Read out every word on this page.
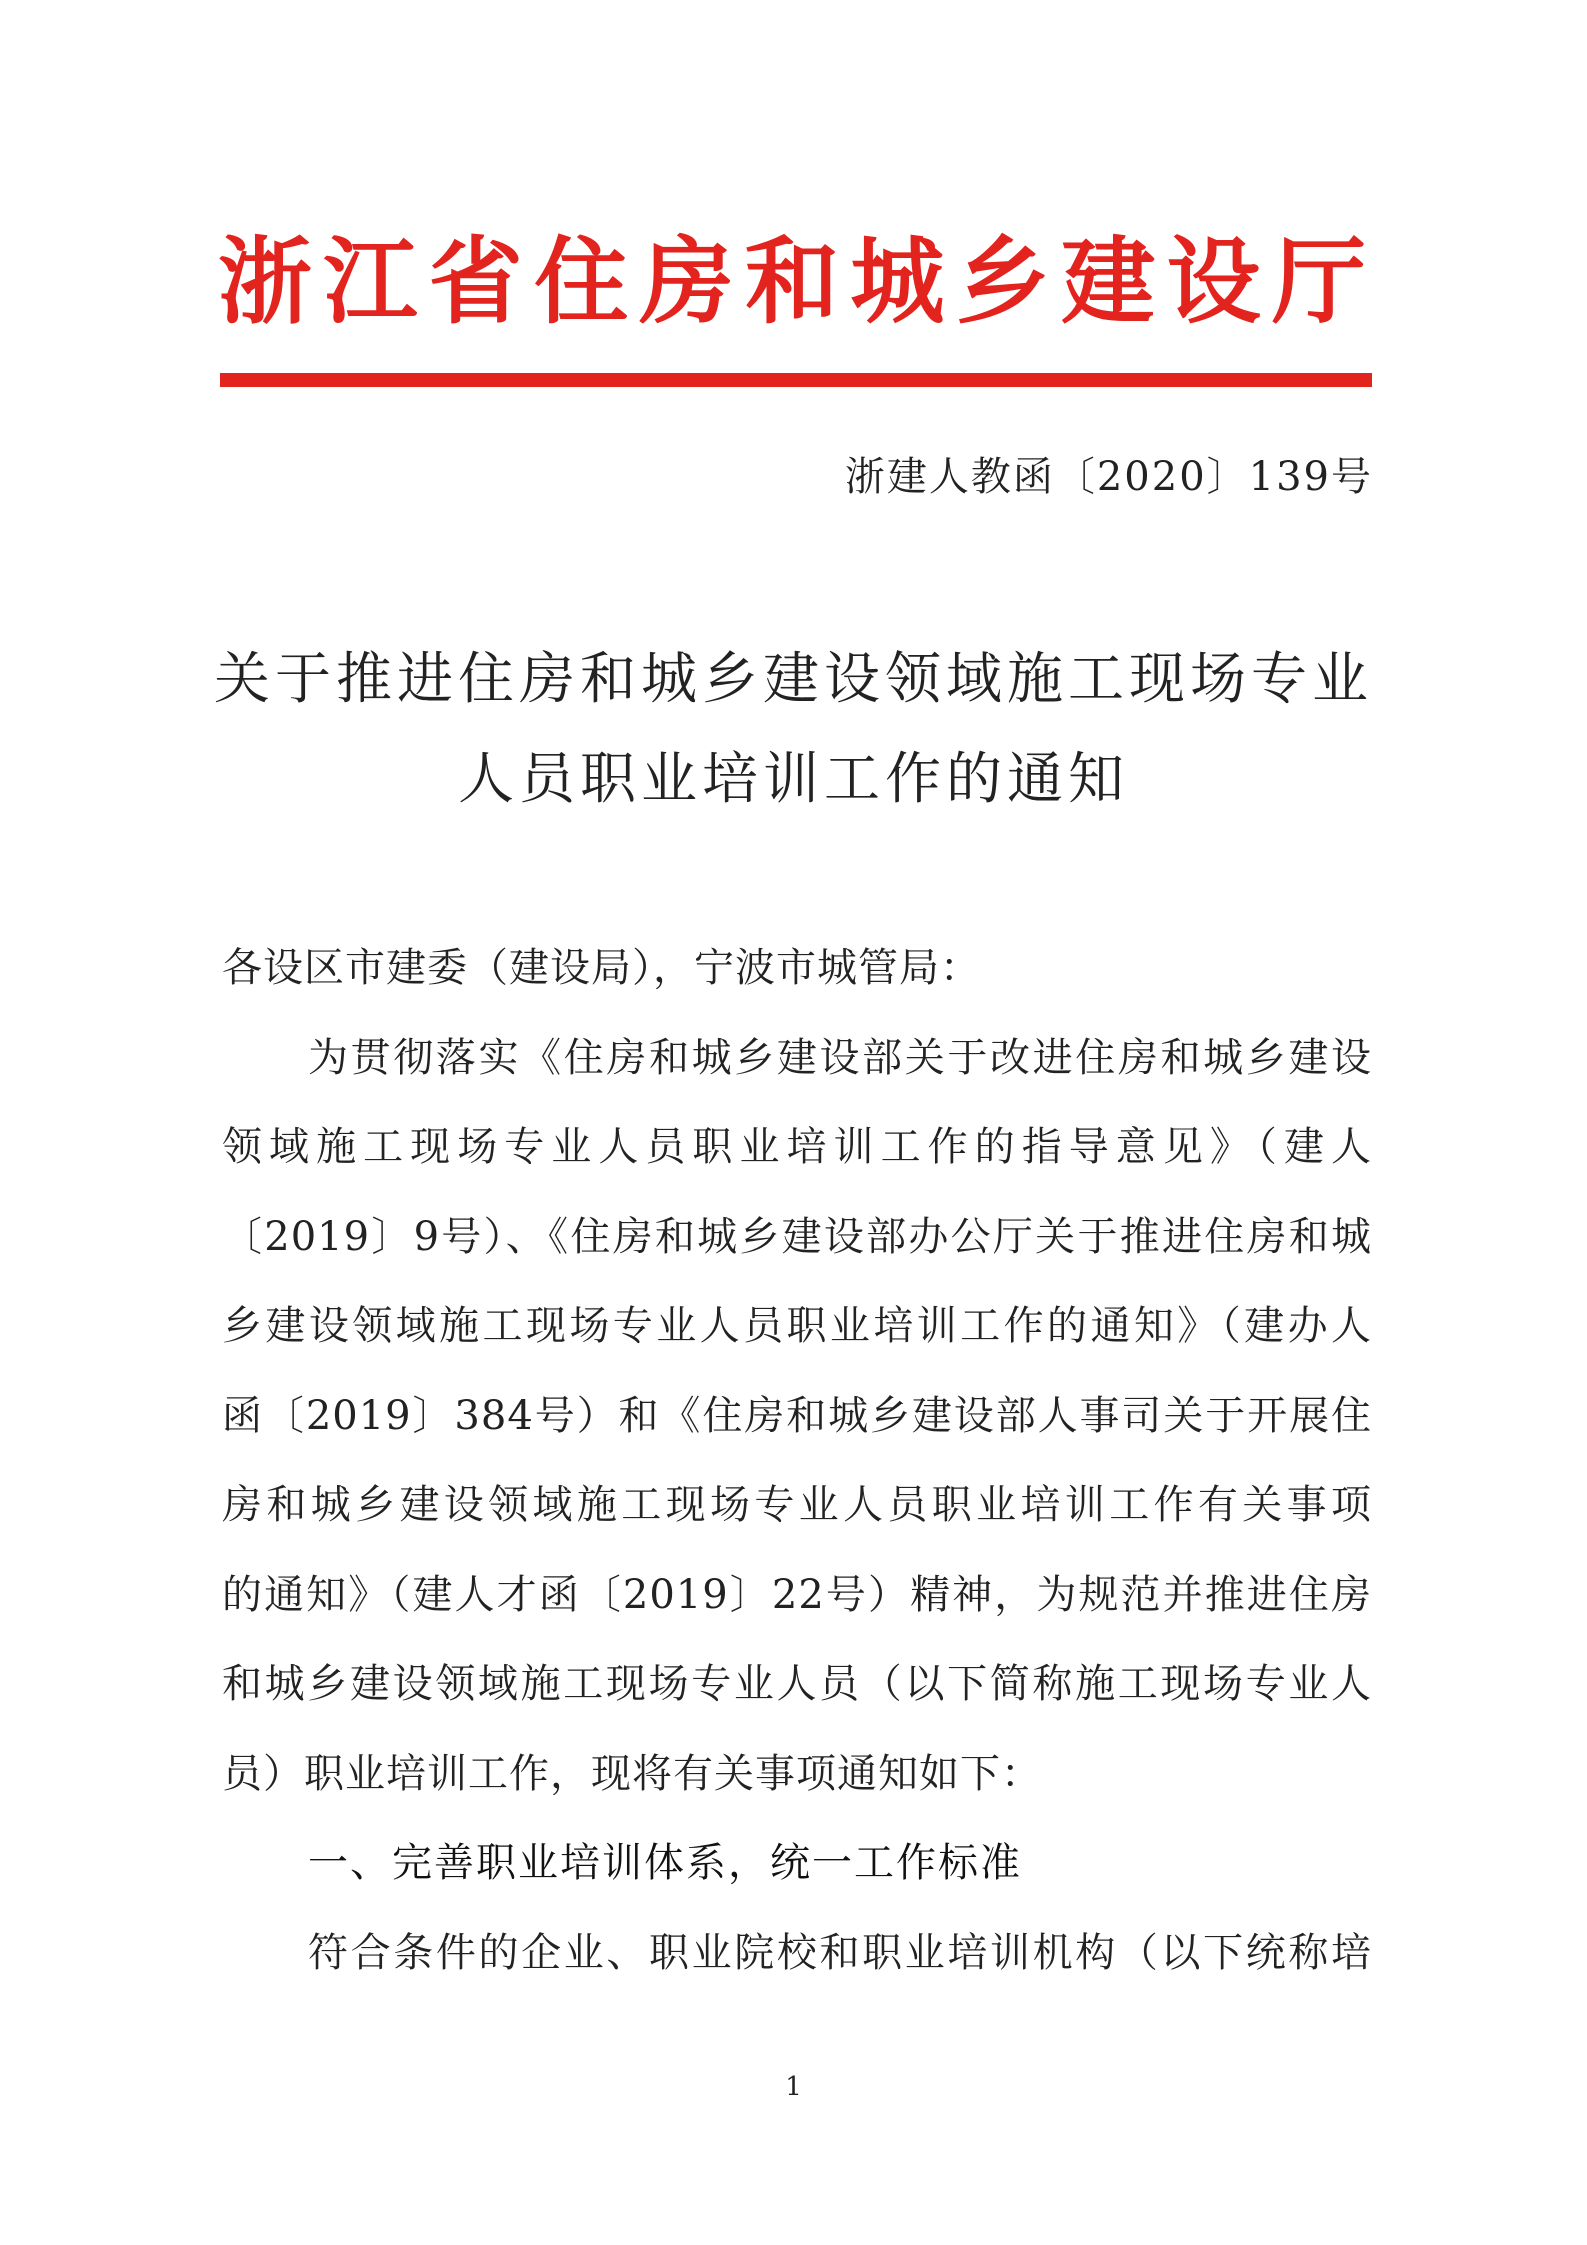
浙江省住房和城乡建设厅
浙建人教函〔2020〕139号
关于推进住房和城乡建设领域施工现场专业
人员职业培训工作的通知
各设区市建委（建设局），宁波市城管局：
为贯彻落实《住房和城乡建设部关于改进住房和城乡建设
领域施工现场专业人员职业培训工作的指导意见》（建人
〔2019〕9号）、《住房和城乡建设部办公厅关于推进住房和城
乡建设领域施工现场专业人员职业培训工作的通知》（建办人
函〔2019〕384号）和《住房和城乡建设部人事司关于开展住
房和城乡建设领域施工现场专业人员职业培训工作有关事项
的通知》（建人才函〔2019〕22号）精神，为规范并推进住房
和城乡建设领域施工现场专业人员（以下简称施工现场专业人
员）职业培训工作，现将有关事项通知如下：
一、完善职业培训体系，统一工作标准
符合条件的企业、职业院校和职业培训机构（以下统称培
1
